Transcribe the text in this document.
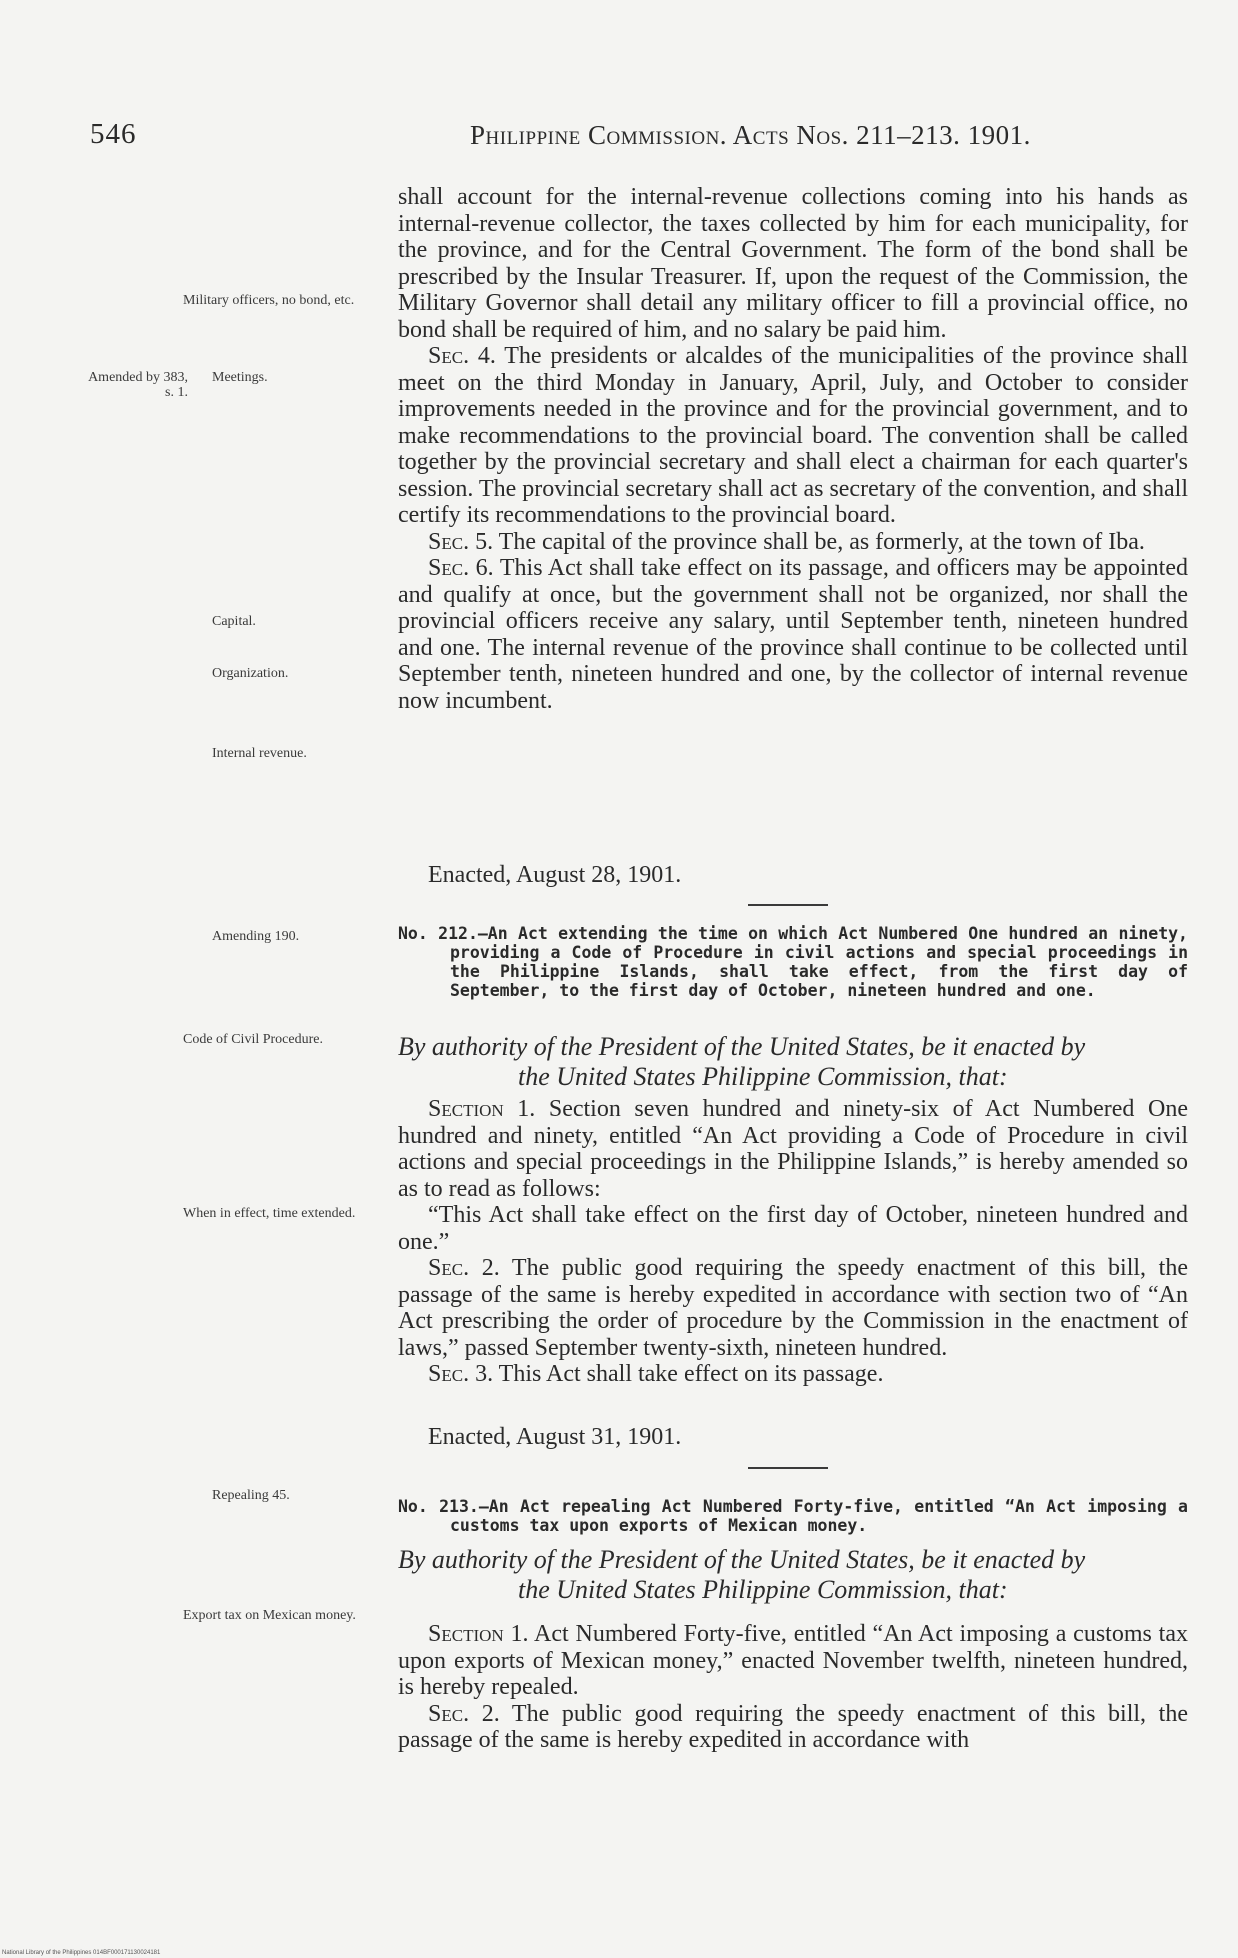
546	Philippine Commission. Acts Nos. 211–213. 1901.
Military officers, no bond, etc.
Amended by 383, s. 1.
Meetings.
Capital.
Organization.
Internal revenue.
Amending 190.
Code of Civil Procedure.
When in effect, time extended.
Repealing 45.
Export tax on Mexican money.

shall account for the internal-revenue collections coming into his hands as internal-revenue collector, the taxes collected by him for each municipality, for the province, and for the Central Government. The form of the bond shall be prescribed by the Insular Treasurer. If, upon the request of the Commission, the Military Governor shall detail any military officer to fill a provincial office, no bond shall be required of him, and no salary be paid him.

Sec. 4. The presidents or alcaldes of the municipalities of the province shall meet on the third Monday in January, April, July, and October to consider improvements needed in the province and for the provincial government, and to make recommendations to the provincial board. The convention shall be called together by the provincial secretary and shall elect a chairman for each quarter's session. The provincial secretary shall act as secretary of the convention, and shall certify its recommendations to the provincial board.

Sec. 5. The capital of the province shall be, as formerly, at the town of Iba.

Sec. 6. This Act shall take effect on its passage, and officers may be appointed and qualify at once, but the government shall not be organized, nor shall the provincial officers receive any salary, until September tenth, nineteen hundred and one. The internal revenue of the province shall continue to be collected until September tenth, nineteen hundred and one, by the collector of internal revenue now incumbent.

Enacted, August 28, 1901.
No. 212.—An Act extending the time on which Act Numbered One hundred an ninety, providing a Code of Procedure in civil actions and special proceedings in the Philippine Islands, shall take effect, from the first day of September, to the first day of October, nineteen hundred and one.
By authority of the President of the United States, be it enacted by
the United States Philippine Commission, that:

Section 1. Section seven hundred and ninety-six of Act Numbered One hundred and ninety, entitled “An Act providing a Code of Procedure in civil actions and special proceedings in the Philippine Islands,” is hereby amended so as to read as follows:

“This Act shall take effect on the first day of October, nineteen hundred and one.”

Sec. 2. The public good requiring the speedy enactment of this bill, the passage of the same is hereby expedited in accordance with section two of “An Act prescribing the order of procedure by the Commission in the enactment of laws,” passed September twenty-sixth, nineteen hundred.

Sec. 3. This Act shall take effect on its passage.

Enacted, August 31, 1901.
No. 213.—An Act repealing Act Numbered Forty-five, entitled “An Act imposing a customs tax upon exports of Mexican money.
By authority of the President of the United States, be it enacted by
the United States Philippine Commission, that:

Section 1. Act Numbered Forty-five, entitled “An Act imposing a customs tax upon exports of Mexican money,” enacted November twelfth, nineteen hundred, is hereby repealed.

Sec. 2. The public good requiring the speedy enactment of this bill, the passage of the same is hereby expedited in accordance with

National Library of the Philippines 014BF000171130024181
